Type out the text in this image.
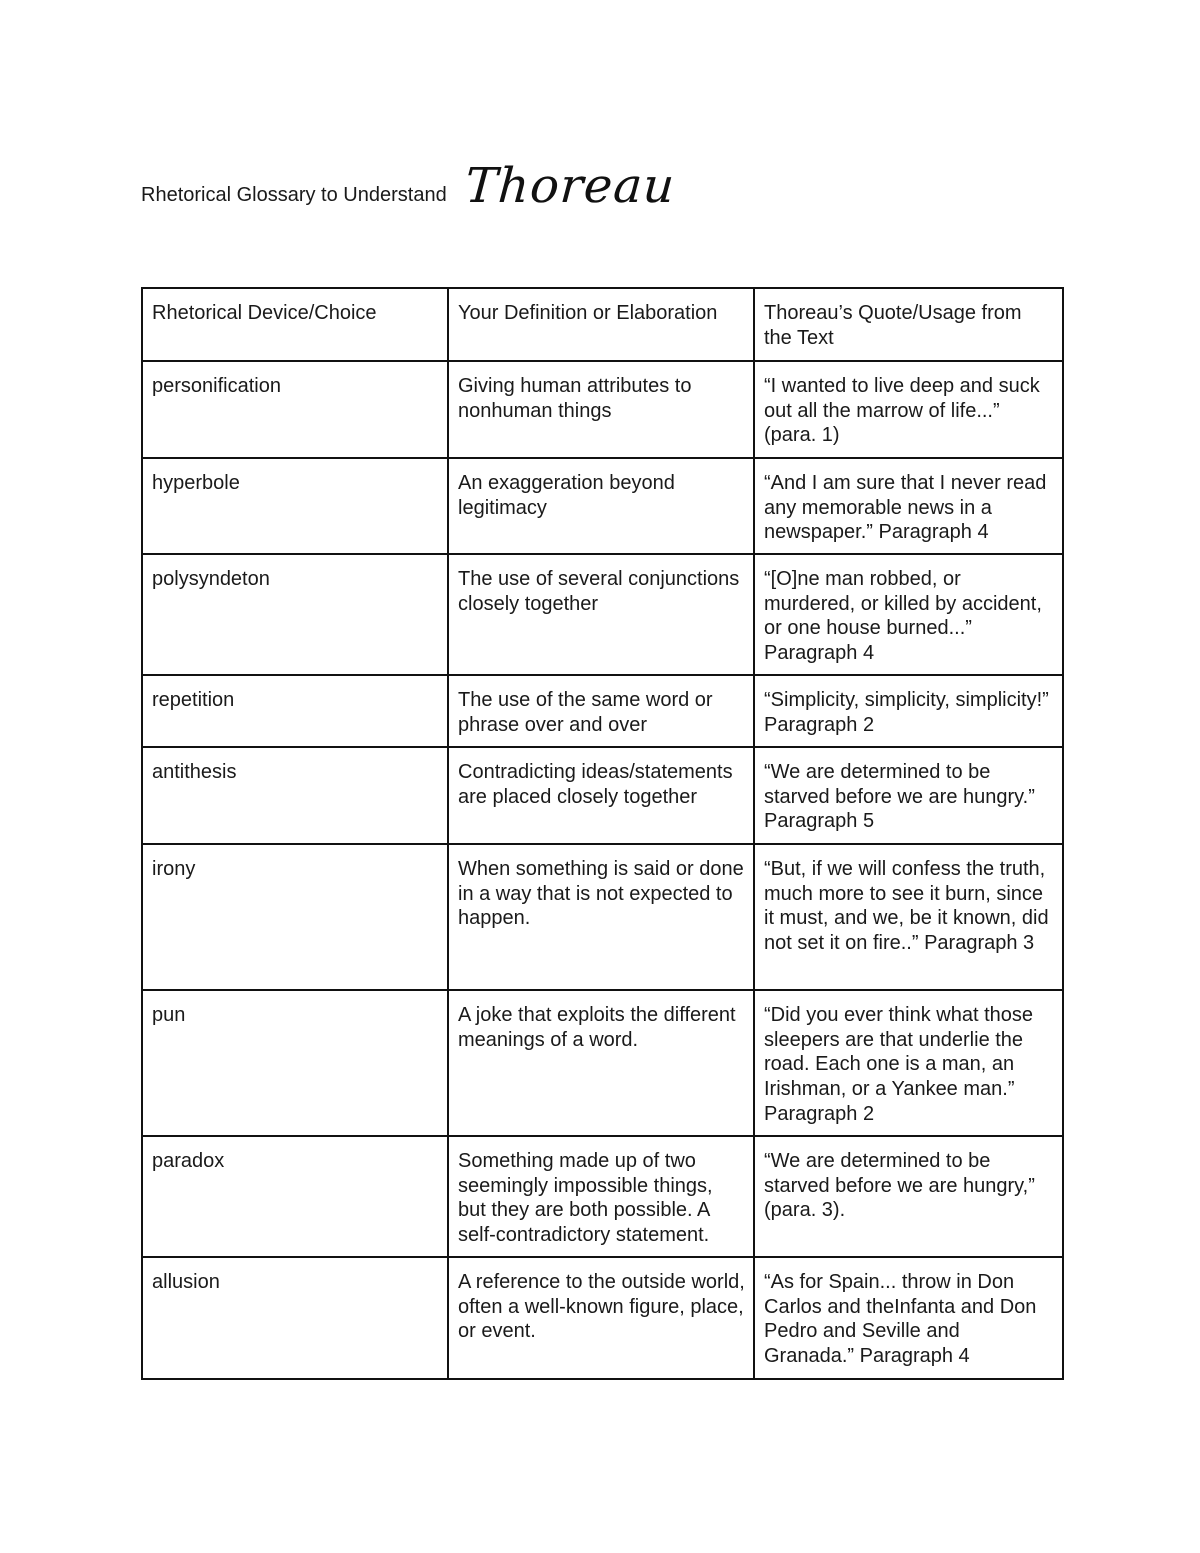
Rhetorical Glossary to Understand Thoreau
Rhetorical Device/Choice	Your Definition or Elaboration	Thoreau’s Quote/Usage from the Text
personification	Giving human attributes to nonhuman things	“I wanted to live deep and suck out all the marrow of life...” (para. 1)
hyperbole	An exaggeration beyond legitimacy	“And I am sure that I never read any memorable news in a newspaper.” Paragraph 4
polysyndeton	The use of several conjunctions closely together	“[O]ne man robbed, or murdered, or killed by accident, or one house burned...” Paragraph 4
repetition	The use of the same word or phrase over and over	“Simplicity, simplicity, simplicity!” Paragraph 2
antithesis	Contradicting ideas/statements are placed closely together	“We are determined to be starved before we are hungry.” Paragraph 5
irony	When something is said or done in a way that is not expected to happen.	“But, if we will confess the truth, much more to see it burn, since it must, and we, be it known, did not set it on fire..” Paragraph 3
pun	A joke that exploits the different meanings of a word.	“Did you ever think what those sleepers are that underlie the road. Each one is a man, an Irishman, or a Yankee man.” Paragraph 2
paradox	Something made up of two seemingly impossible things, but they are both possible. A self-contradictory statement.	“We are determined to be starved before we are hungry,” (para. 3).
allusion	A reference to the outside world, often a well-known figure, place, or event.	“As for Spain... throw in Don Carlos and theInfanta and Don Pedro and Seville and Granada.” Paragraph 4
